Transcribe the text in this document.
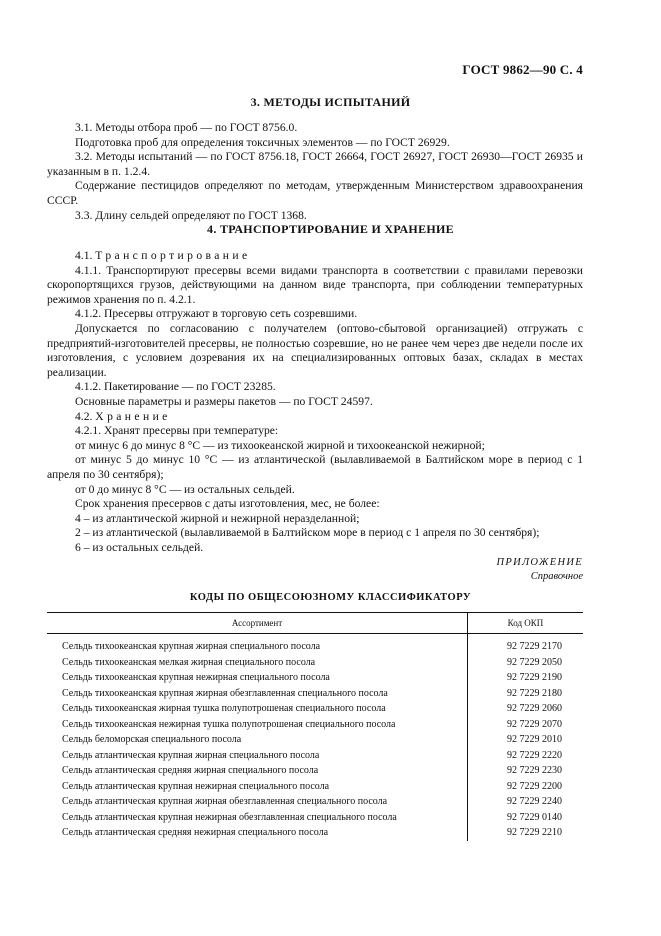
ГОСТ 9862—90 С. 4
3. МЕТОДЫ ИСПЫТАНИЙ

3.1. Методы отбора проб — по ГОСТ 8756.0.

Подготовка проб для определения токсичных элементов — по ГОСТ 26929.

3.2. Методы испытаний — по ГОСТ 8756.18, ГОСТ 26664, ГОСТ 26927, ГОСТ 26930—ГОСТ 26935 и указанным в п. 1.2.4.

Содержание пестицидов определяют по методам, утвержденным Министерством здравоохранения СССР.

3.3. Длину сельдей определяют по ГОСТ 1368.

4. ТРАНСПОРТИРОВАНИЕ И ХРАНЕНИЕ

4.1. Транспортирование

4.1.1. Транспортируют пресервы всеми видами транспорта в соответствии с правилами перевозки скоропортящихся грузов, действующими на данном виде транспорта, при соблюдении температурных режимов хранения по п. 4.2.1.

4.1.2. Пресервы отгружают в торговую сеть созревшими.

Допускается по согласованию с получателем (оптово-сбытовой организацией) отгружать с предприятий-изготовителей пресервы, не полностью созревшие, но не ранее чем через две недели после их изготовления, с условием дозревания их на специализированных оптовых базах, складах в местах реализации.

4.1.2. Пакетирование — по ГОСТ 23285.

Основные параметры и размеры пакетов — по ГОСТ 24597.

4.2. Хранение

4.2.1. Хранят пресервы при температуре:

от минус 6 до минус 8 °С — из тихоокеанской жирной и тихоокеанской нежирной;

от минус 5 до минус 10 °С — из атлантической (вылавливаемой в Балтийском море в период с 1 апреля по 30 сентября);

от 0 до минус 8 °С — из остальных сельдей.

Срок хранения пресервов с даты изготовления, мес, не более:

4 – из атлантической жирной и нежирной неразделанной;

2 – из атлантической (вылавливаемой в Балтийском море в период с 1 апреля по 30 сентября);

6 – из остальных сельдей.

ПРИЛОЖЕНИЕ
Справочное
КОДЫ ПО ОБЩЕСОЮЗНОМУ КЛАССИФИКАТОРУ
Ассортимент	Код ОКП
Сельдь тихоокеанская крупная жирная специального посола	92 7229 2170
Сельдь тихоокеанская мелкая жирная специального посола	92 7229 2050
Сельдь тихоокеанская крупная нежирная специального посола	92 7229 2190
Сельдь тихоокеанская крупная жирная обезглавленная специального посола	92 7229 2180
Сельдь тихоокеанская жирная тушка полупотрошеная специального посола	92 7229 2060
Сельдь тихоокеанская нежирная тушка полупотрошеная специального посола	92 7229 2070
Сельдь беломорская специального посола	92 7229 2010
Сельдь атлантическая крупная жирная специального посола	92 7229 2220
Сельдь атлантическая средняя жирная специального посола	92 7229 2230
Сельдь атлантическая крупная нежирная специального посола	92 7229 2200
Сельдь атлантическая крупная жирная обезглавленная специального посола	92 7229 2240
Сельдь атлантическая крупная нежирная обезглавленная специального посола	92 7229 0140
Сельдь атлантическая средняя нежирная специального посола	92 7229 2210
